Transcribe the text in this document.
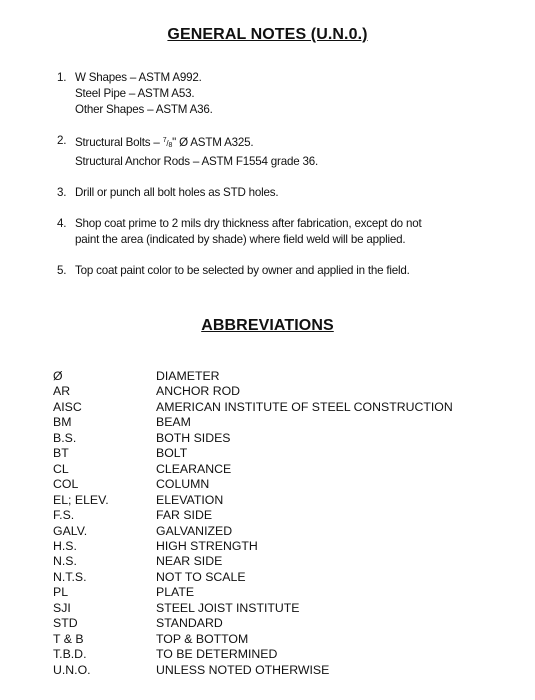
GENERAL NOTES (U.N.0.)
1. W Shapes – ASTM A992.
Steel Pipe – ASTM A53.
Other Shapes – ASTM A36.
2. Structural Bolts – $^7/_8$" Ø ASTM A325.
Structural Anchor Rods – ASTM F1554 grade 36.
3. Drill or punch all bolt holes as STD holes.
4. Shop coat prime to 2 mils dry thickness after fabrication, except do not
paint the area (indicated by shade) where field weld will be applied.
5. Top coat paint color to be selected by owner and applied in the field.
ABBREVIATIONS
Ø	DIAMETER
AR	ANCHOR ROD
AISC	AMERICAN INSTITUTE OF STEEL CONSTRUCTION
BM	BEAM
B.S.	BOTH SIDES
BT	BOLT
CL	CLEARANCE
COL	COLUMN
EL; ELEV.	ELEVATION
F.S.	FAR SIDE
GALV.	GALVANIZED
H.S.	HIGH STRENGTH
N.S.	NEAR SIDE
N.T.S.	NOT TO SCALE
PL	PLATE
SJI	STEEL JOIST INSTITUTE
STD	STANDARD
T & B	TOP & BOTTOM
T.B.D.	TO BE DETERMINED
U.N.O.	UNLESS NOTED OTHERWISE
